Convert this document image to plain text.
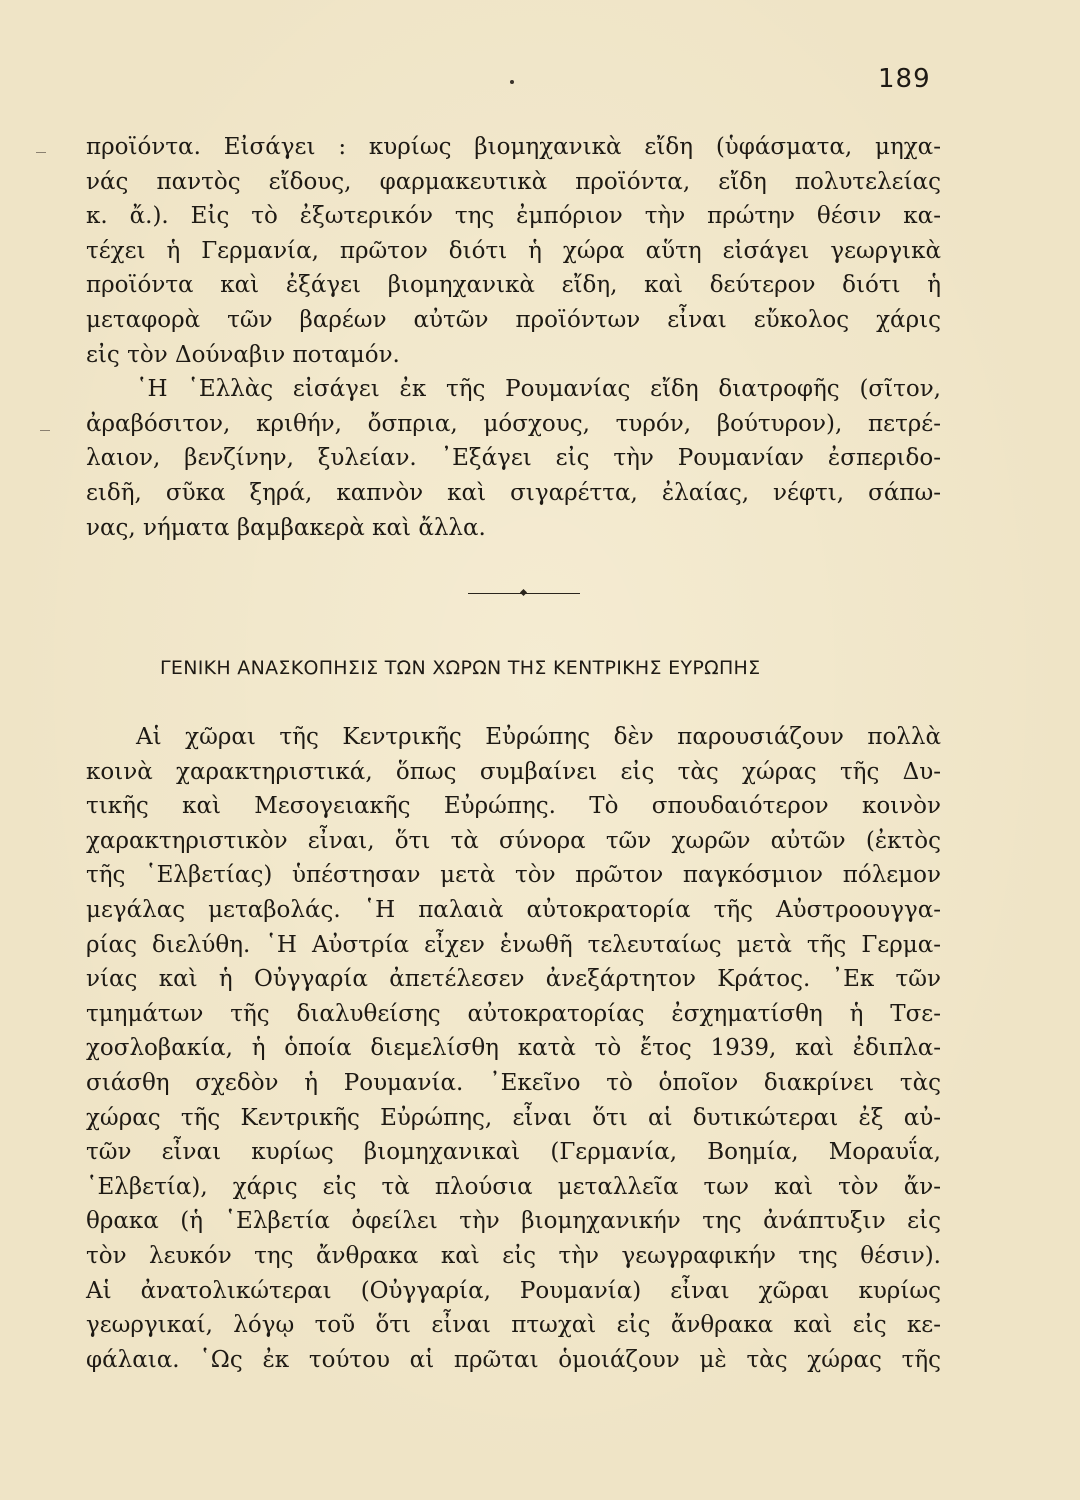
189
προϊόντα. Εἰσάγει : κυρίως βιομηχανικὰ εἴδη (ὑφάσματα, μηχα-
νάς παντὸς εἴδους, φαρμακευτικὰ προϊόντα, εἴδη πολυτελείας
κ. ἄ.). Εἰς τὸ ἐξωτερικόν της ἐμπόριον τὴν πρώτην θέσιν κα-
τέχει ἡ Γερμανία, πρῶτον διότι ἡ χώρα αὕτη εἰσάγει γεωργικὰ
προϊόντα καὶ ἐξάγει βιομηχανικὰ εἴδη, καὶ δεύτερον διότι ἡ
μεταφορὰ τῶν βαρέων αὐτῶν προϊόντων εἶναι εὔκολος χάρις
εἰς τὸν Δούναβιν ποταμόν.
῾Η ῾Ελλὰς εἰσάγει ἐκ τῆς Ρουμανίας εἴδη διατροφῆς (σῖτον,
ἀραβόσιτον, κριθήν, ὄσπρια, μόσχους, τυρόν, βούτυρον), πετρέ-
λαιον, βενζίνην, ξυλείαν. ᾿Εξάγει εἰς τὴν Ρουμανίαν ἐσπεριδο-
ειδῆ, σῦκα ξηρά, καπνὸν καὶ σιγαρέττα, ἐλαίας, νέφτι, σάπω-
νας, νήματα βαμβακερὰ καὶ ἄλλα.
ΓΕΝΙΚΗ ΑΝΑΣΚΟΠΗΣΙΣ ΤΩΝ ΧΩΡΩΝ ΤΗΣ ΚΕΝΤΡΙΚΗΣ ΕΥΡΩΠΗΣ
Αἱ χῶραι τῆς Κεντρικῆς Εὐρώπης δὲν παρουσιάζουν πολλὰ
κοινὰ χαρακτηριστικά, ὅπως συμβαίνει εἰς τὰς χώρας τῆς Δυ-
τικῆς καὶ Μεσογειακῆς Εὐρώπης. Τὸ σπουδαιότερον κοινὸν
χαρακτηριστικὸν εἶναι, ὅτι τὰ σύνορα τῶν χωρῶν αὐτῶν (ἐκτὸς
τῆς ῾Ελβετίας) ὑπέστησαν μετὰ τὸν πρῶτον παγκόσμιον πόλεμον
μεγάλας μεταβολάς. ῾Η παλαιὰ αὐτοκρατορία τῆς Αὐστροουγγα-
ρίας διελύθη. ῾Η Αὐστρία εἶχεν ἑνωθῆ τελευταίως μετὰ τῆς Γερμα-
νίας καὶ ἡ Οὐγγαρία ἀπετέλεσεν ἀνεξάρτητον Κράτος. ᾿Εκ τῶν
τμημάτων τῆς διαλυθείσης αὐτοκρατορίας ἐσχηματίσθη ἡ Τσε-
χοσλοβακία, ἡ ὁποία διεμελίσθη κατὰ τὸ ἔτος 1939, καὶ ἐδιπλα-
σιάσθη σχεδὸν ἡ Ρουμανία. ᾿Εκεῖνο τὸ ὁποῖον διακρίνει τὰς
χώρας τῆς Κεντρικῆς Εὐρώπης, εἶναι ὅτι αἱ δυτικώτεραι ἐξ αὐ-
τῶν εἶναι κυρίως βιομηχανικαὶ (Γερμανία, Βοημία, Μοραυΐα,
῾Ελβετία), χάρις εἰς τὰ πλούσια μεταλλεῖα των καὶ τὸν ἄν-
θρακα (ἡ ῾Ελβετία ὀφείλει τὴν βιομηχανικήν της ἀνάπτυξιν εἰς
τὸν λευκόν της ἄνθρακα καὶ εἰς τὴν γεωγραφικήν της θέσιν).
Αἱ ἀνατολικώτεραι (Οὐγγαρία, Ρουμανία) εἶναι χῶραι κυρίως
γεωργικαί, λόγῳ τοῦ ὅτι εἶναι πτωχαὶ εἰς ἄνθρακα καὶ εἰς κε-
φάλαια. ῾Ως ἐκ τούτου αἱ πρῶται ὁμοιάζουν μὲ τὰς χώρας τῆς
